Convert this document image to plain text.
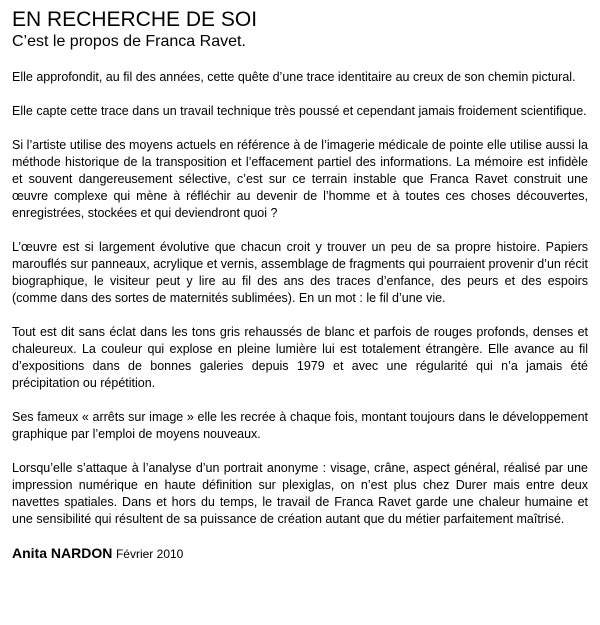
EN RECHERCHE DE SOI
C’est le propos de Franca Ravet.

Elle approfondit, au fil des années, cette quête d’une trace identitaire au creux de son chemin pictural.

Elle capte cette trace dans un travail technique très poussé et cependant jamais froidement scientifique.

Si l’artiste utilise des moyens actuels en référence à de l’imagerie médicale de pointe elle utilise aussi la méthode historique de la transposition et l’effacement partiel des informations. La mémoire est infidèle et souvent dangereusement sélective, c’est sur ce terrain instable que Franca Ravet construit une œuvre complexe qui mène à réfléchir au devenir de l’homme et à toutes ces choses découvertes, enregistrées, stockées et qui deviendront quoi ?

L’œuvre est si largement évolutive que chacun croit y trouver un peu de sa propre histoire. Papiers marouflés sur panneaux, acrylique et vernis, assemblage de fragments qui pourraient provenir d’un récit biographique, le visiteur peut y lire au fil des ans des traces d’enfance, des peurs et des espoirs (comme dans des sortes de maternités sublimées). En un mot : le fil d’une vie.

Tout est dit sans éclat dans les tons gris rehaussés de blanc et parfois de rouges profonds, denses et chaleureux. La couleur qui explose en pleine lumière lui est totalement étrangère. Elle avance au fil d’expositions dans de bonnes galeries depuis 1979 et avec une régularité qui n’a jamais été précipitation ou répétition.

Ses fameux « arrêts sur image » elle les recrée à chaque fois, montant toujours dans le développement graphique par l’emploi de moyens nouveaux.

Lorsqu’elle s’attaque à l’analyse d’un portrait anonyme : visage, crâne, aspect général, réalisé par une impression numérique en haute définition sur plexiglas, on n’est plus chez Durer mais entre deux navettes spatiales. Dans et hors du temps, le travail de Franca Ravet garde une chaleur humaine et une sensibilité qui résultent de sa puissance de création autant que du métier parfaitement maîtrisé.

Anita NARDON Février 2010
